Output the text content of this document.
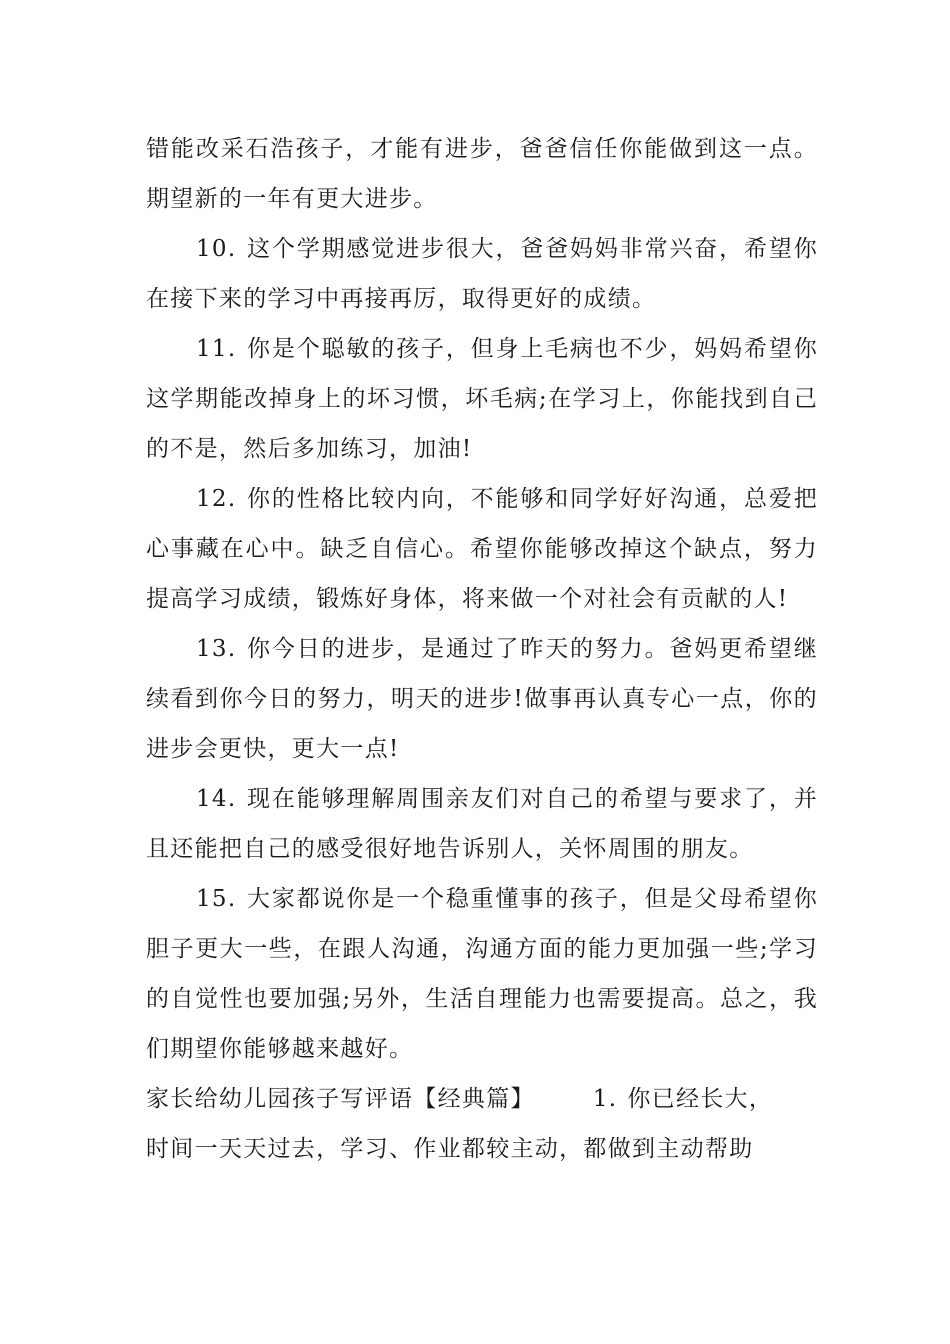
错能改采石浩孩子，才能有进步，爸爸信任你能做到这一点。期望新的一年有更大进步。

10. 这个学期感觉进步很大，爸爸妈妈非常兴奋，希望你在接下来的学习中再接再厉，取得更好的成绩。

11. 你是个聪敏的孩子，但身上毛病也不少，妈妈希望你这学期能改掉身上的坏习惯，坏毛病;在学习上，你能找到自己的不是，然后多加练习，加油!

12. 你的性格比较内向，不能够和同学好好沟通，总爱把心事藏在心中。缺乏自信心。希望你能够改掉这个缺点，努力提高学习成绩，锻炼好身体，将来做一个对社会有贡献的人!

13. 你今日的进步，是通过了昨天的努力。爸妈更希望继续看到你今日的努力，明天的进步!做事再认真专心一点，你的进步会更快，更大一点!

14. 现在能够理解周围亲友们对自己的希望与要求了，并且还能把自己的感受很好地告诉别人，关怀周围的朋友。

15. 大家都说你是一个稳重懂事的孩子，但是父母希望你胆子更大一些，在跟人沟通，沟通方面的能力更加强一些;学习的自觉性也要加强;另外，生活自理能力也需要提高。总之，我们期望你能够越来越好。

家长给幼儿园孩子写评语【经典篇】	1. 你已经长大，

时间一天天过去，学习、作业都较主动，都做到主动帮助
